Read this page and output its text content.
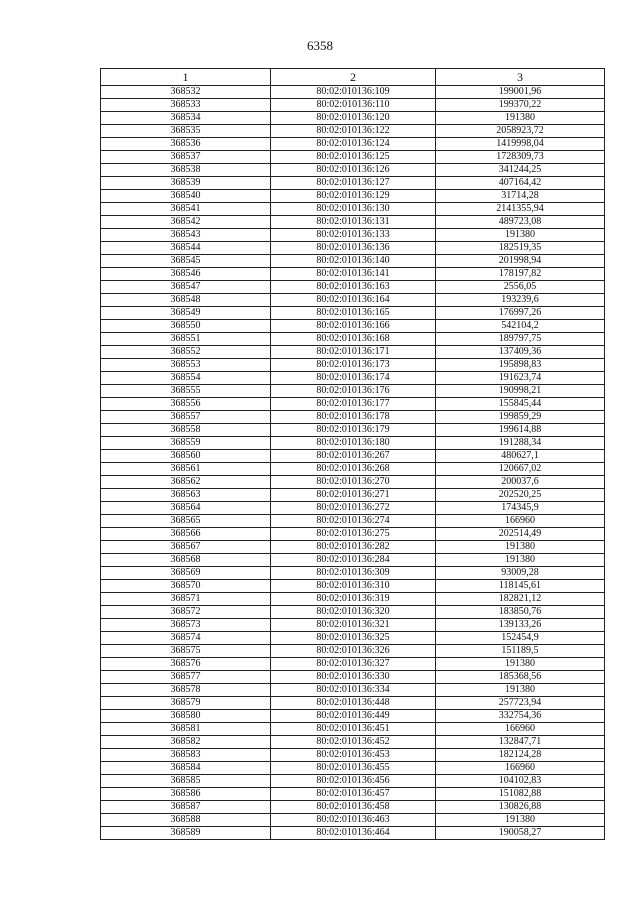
6358
1	2	3
368532	80:02:010136:109	199001,96
368533	80:02:010136:110	199370,22
368534	80:02:010136:120	191380
368535	80:02:010136:122	2058923,72
368536	80:02:010136:124	1419998,04
368537	80:02:010136:125	1728309,73
368538	80:02:010136:126	341244,25
368539	80:02:010136:127	407164,42
368540	80:02:010136:129	31714,28
368541	80:02:010136:130	2141355,94
368542	80:02:010136:131	489723,08
368543	80:02:010136:133	191380
368544	80:02:010136:136	182519,35
368545	80:02:010136:140	201998,94
368546	80:02:010136:141	178197,82
368547	80:02:010136:163	2556,05
368548	80:02:010136:164	193239,6
368549	80:02:010136:165	176997,26
368550	80:02:010136:166	542104,2
368551	80:02:010136:168	189797,75
368552	80:02:010136:171	137409,36
368553	80:02:010136:173	195898,83
368554	80:02:010136:174	191623,74
368555	80:02:010136:176	190998,21
368556	80:02:010136:177	155845,44
368557	80:02:010136:178	199859,29
368558	80:02:010136:179	199614,88
368559	80:02:010136:180	191288,34
368560	80:02:010136:267	480627,1
368561	80:02:010136:268	120667,02
368562	80:02:010136:270	200037,6
368563	80:02:010136:271	202520,25
368564	80:02:010136:272	174345,9
368565	80:02:010136:274	166960
368566	80:02:010136:275	202514,49
368567	80:02:010136:282	191380
368568	80:02:010136:284	191380
368569	80:02:010136:309	93009,28
368570	80:02:010136:310	118145,61
368571	80:02:010136:319	182821,12
368572	80:02:010136:320	183850,76
368573	80:02:010136:321	139133,26
368574	80:02:010136:325	152454,9
368575	80:02:010136:326	151189,5
368576	80:02:010136:327	191380
368577	80:02:010136:330	185368,56
368578	80:02:010136:334	191380
368579	80:02:010136:448	257723,94
368580	80:02:010136:449	332754,36
368581	80:02:010136:451	166960
368582	80:02:010136:452	132847,71
368583	80:02:010136:453	182124,28
368584	80:02:010136:455	166960
368585	80:02:010136:456	104102,83
368586	80:02:010136:457	151082,88
368587	80:02:010136:458	130826,88
368588	80:02:010136:463	191380
368589	80:02:010136:464	190058,27
